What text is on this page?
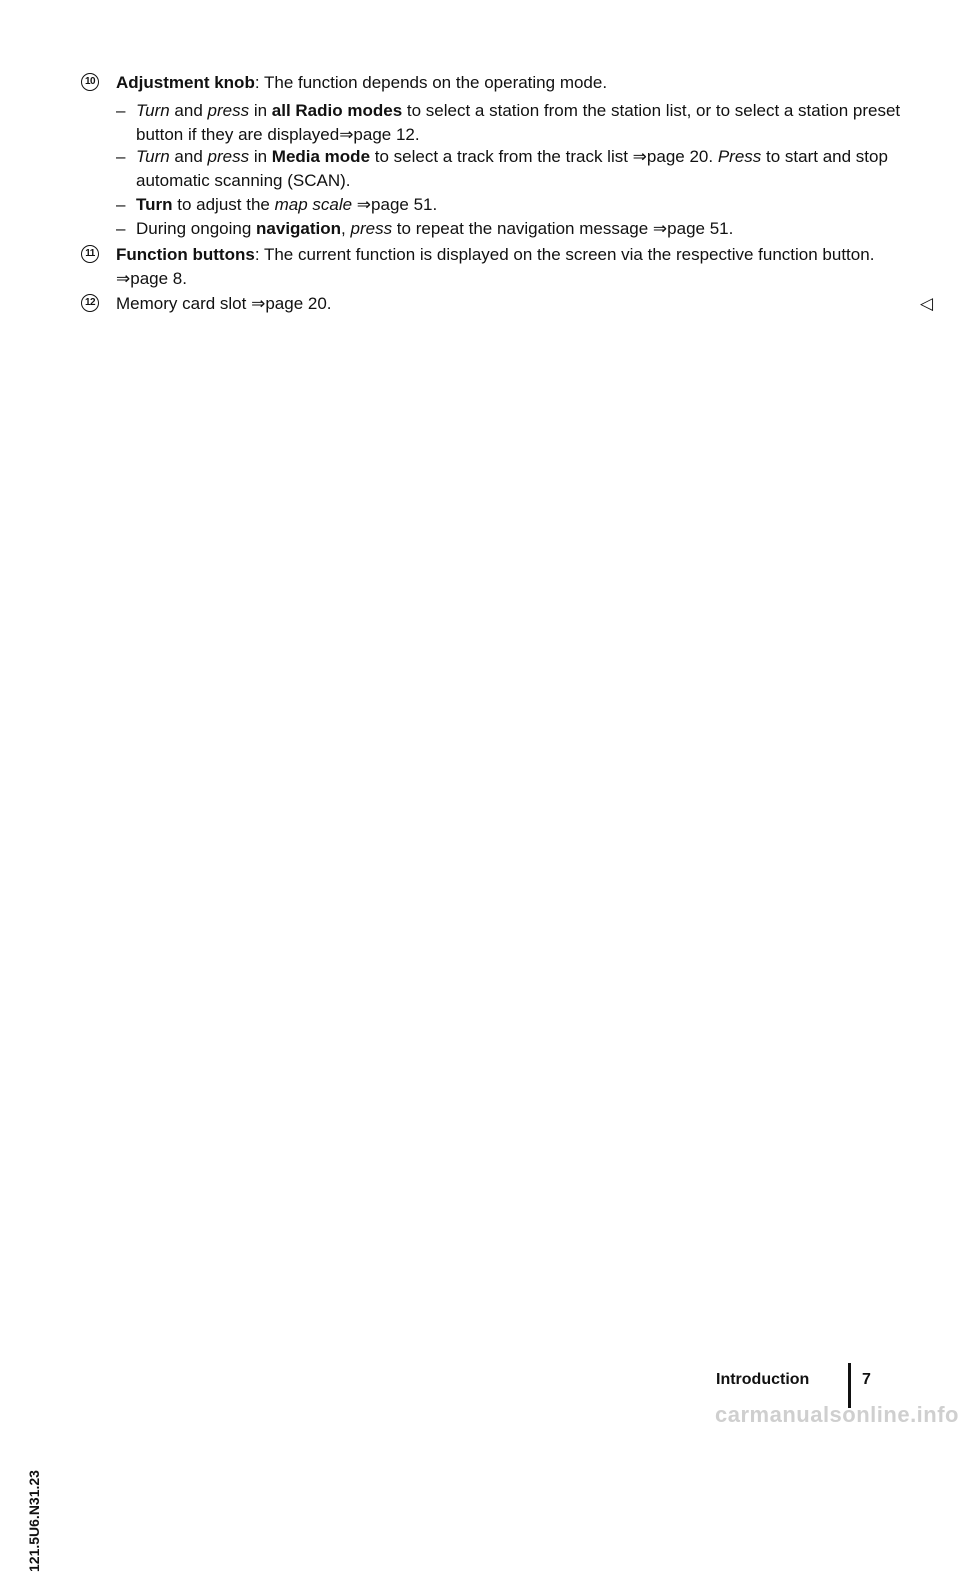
10 Adjustment knob: The function depends on the operating mode.
– Turn and press in all Radio modes to select a station from the station list, or to select a station preset button if they are displayed⇒page 12.
– Turn and press in Media mode to select a track from the track list ⇒page 20. Press to start and stop automatic scanning (SCAN).
– Turn to adjust the map scale ⇒page 51.
– During ongoing navigation, press to repeat the navigation message ⇒page 51.
11 Function buttons: The current function is displayed on the screen via the respective function button.
⇒page 8.
12 Memory card slot ⇒page 20.	◁
121.5U6.N31.23
Introduction	7
carmanualsonline.info
